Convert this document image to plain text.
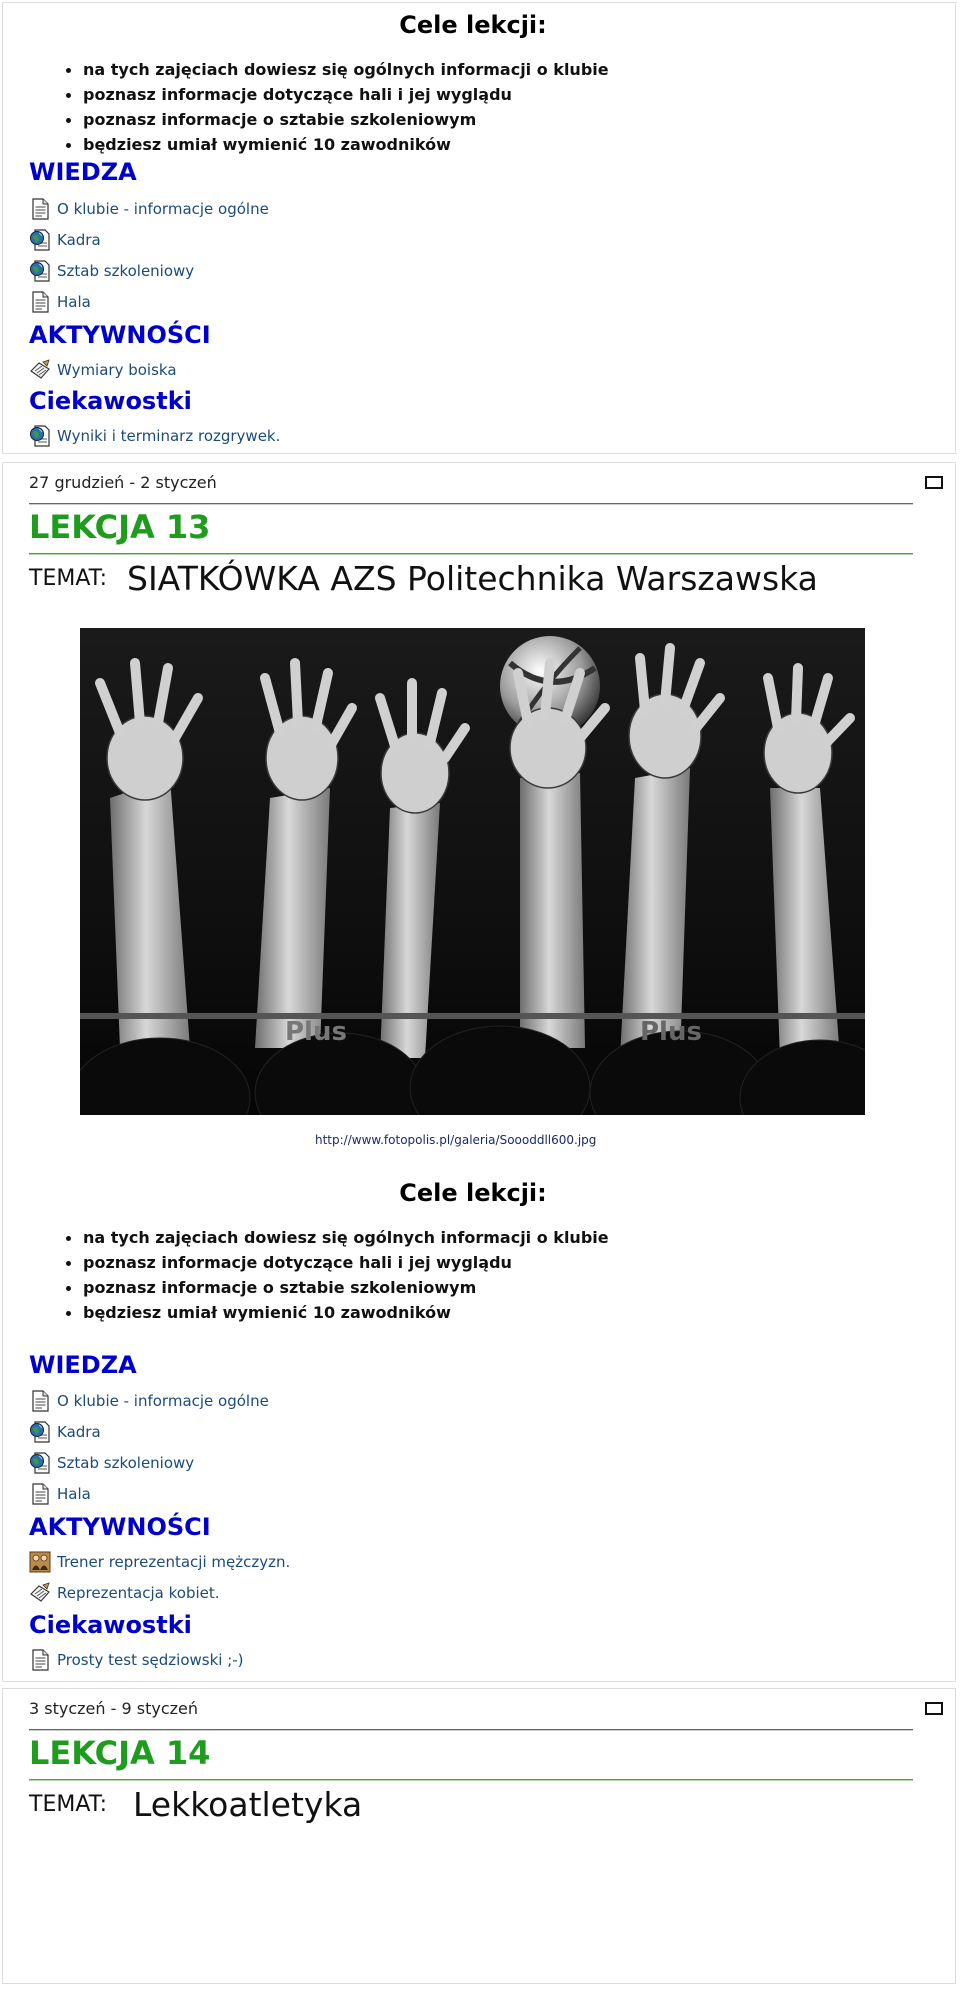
Cele lekcji:
• na tych zajęciach dowiesz się ogólnych informacji o klubie
• poznasz informacje dotyczące hali i jej wyglądu
• poznasz informacje o sztabie szkoleniowym
• będziesz umiał wymienić 10 zawodników
WIEDZA
O klubie - informacje ogólne
Kadra
Sztab szkoleniowy
Hala
AKTYWNOŚCI
Wymiary boiska
Ciekawostki
Wyniki i terminarz rozgrywek.
27 grudzień - 2 styczeń
LEKCJA 13
TEMAT: SIATKÓWKA AZS Politechnika Warszawska
Plus	Plus
http://www.fotopolis.pl/galeria/Soooddll600.jpg
Cele lekcji:
• na tych zajęciach dowiesz się ogólnych informacji o klubie
• poznasz informacje dotyczące hali i jej wyglądu
• poznasz informacje o sztabie szkoleniowym
• będziesz umiał wymienić 10 zawodników
WIEDZA
O klubie - informacje ogólne
Kadra
Sztab szkoleniowy
Hala
AKTYWNOŚCI
Trener reprezentacji mężczyzn.
Reprezentacja kobiet.
Ciekawostki
Prosty test sędziowski ;-)
3 styczeń - 9 styczeń
LEKCJA 14
TEMAT: Lekkoatletyka
